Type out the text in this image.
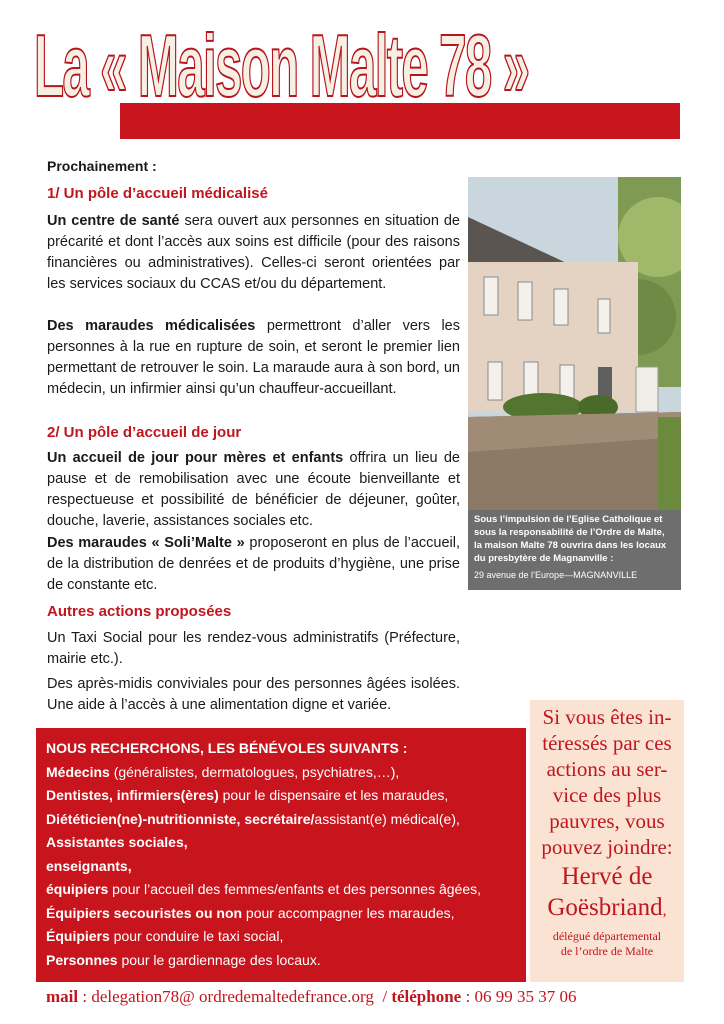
La « Maison Malte 78 »
Prochainement :
1/ Un pôle d’accueil médicalisé
Un centre de santé sera ouvert aux personnes en situation de précarité et dont l’accès aux soins est difficile (pour des raisons financières ou administratives). Celles-ci seront orientées par les services sociaux du CCAS et/ou du département.
Des maraudes médicalisées permettront d’aller vers les personnes à la rue en rupture de soin, et seront le premier lien permettant de retrouver le soin. La maraude aura à son bord, un médecin, un infirmier ainsi qu’un chauffeur-accueillant.
2/ Un pôle d’accueil de jour
Un accueil de jour pour mères et enfants offrira un lieu de pause et de remobilisation avec une écoute bienveillante et respectueuse et possibilité de bénéficier de déjeuner, goûter, douche, laverie, assistances sociales etc.
Des maraudes « Soli’Malte » proposeront en plus de l’accueil, de la distribution de denrées et de produits d’hygiène, une prise de constante etc.
Autres actions proposées
Un Taxi Social pour les rendez-vous administratifs (Préfecture, mairie etc.).
Des après-midis conviviales pour des personnes âgées isolées. Une aide à l’accès à une alimentation digne et variée.
Sous l’impulsion de l’Eglise Catholique et sous la responsabilité de l’Ordre de Malte, la maison Malte 78 ouvrira dans les locaux du presbytère de Magnanville :
29 avenue de l’Europe—MAGNANVILLE
NOUS RECHERCHONS, LES BÉNÉVOLES SUIVANTS :
Médecins (généralistes, dermatologues, psychiatres,…),
Dentistes, infirmiers(ères) pour le dispensaire et les maraudes,
Diététicien(ne)-nutritionniste, secrétaire/assistant(e) médical(e),
Assistantes sociales,
enseignants,
équipiers pour l’accueil des femmes/enfants et des personnes âgées,
Équipiers secouristes ou non pour accompagner les maraudes,
Équipiers pour conduire le taxi social,
Personnes pour le gardiennage des locaux.
Si vous êtes in-
téressés par ces
actions au ser-
vice des plus
pauvres, vous
pouvez joindre:
Hervé de
Goësbriand,
délégué départemental
de l’ordre de Malte
mail : delegation78@ ordredemaltedefrance.org  / téléphone : 06 99 35 37 06
